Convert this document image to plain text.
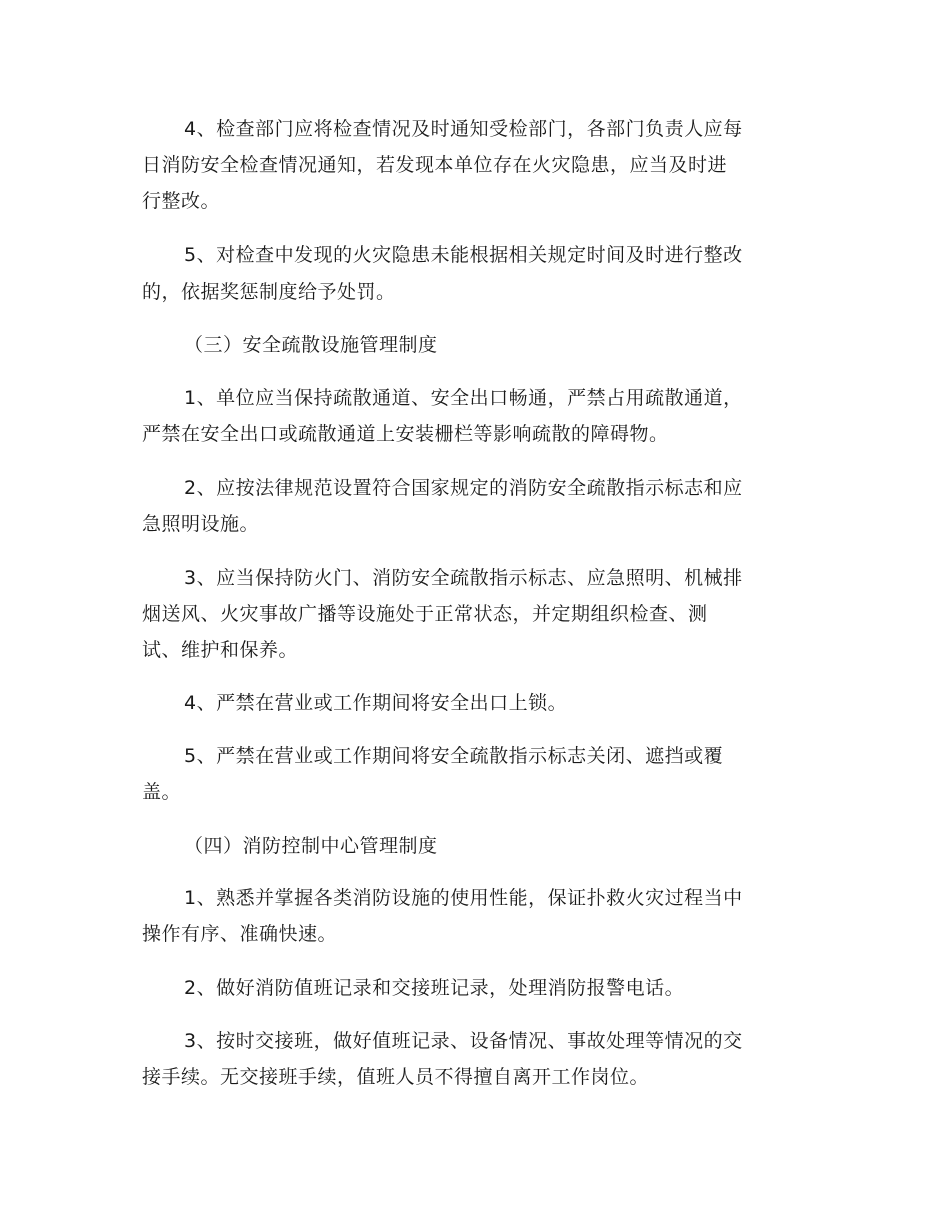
4、检查部门应将检查情况及时通知受检部门，各部门负责人应每
日消防安全检查情况通知，若发现本单位存在火灾隐患，应当及时进
行整改。
5、对检查中发现的火灾隐患未能根据相关规定时间及时进行整改
的，依据奖惩制度给予处罚。
（三）安全疏散设施管理制度
1、单位应当保持疏散通道、安全出口畅通，严禁占用疏散通道，
严禁在安全出口或疏散通道上安装栅栏等影响疏散的障碍物。
2、应按法律规范设置符合国家规定的消防安全疏散指示标志和应
急照明设施。
3、应当保持防火门、消防安全疏散指示标志、应急照明、机械排
烟送风、火灾事故广播等设施处于正常状态，并定期组织检查、测
试、维护和保养。
4、严禁在营业或工作期间将安全出口上锁。
5、严禁在营业或工作期间将安全疏散指示标志关闭、遮挡或覆
盖。
（四）消防控制中心管理制度
1、熟悉并掌握各类消防设施的使用性能，保证扑救火灾过程当中
操作有序、准确快速。
2、做好消防值班记录和交接班记录，处理消防报警电话。
3、按时交接班，做好值班记录、设备情况、事故处理等情况的交
接手续。无交接班手续，值班人员不得擅自离开工作岗位。
